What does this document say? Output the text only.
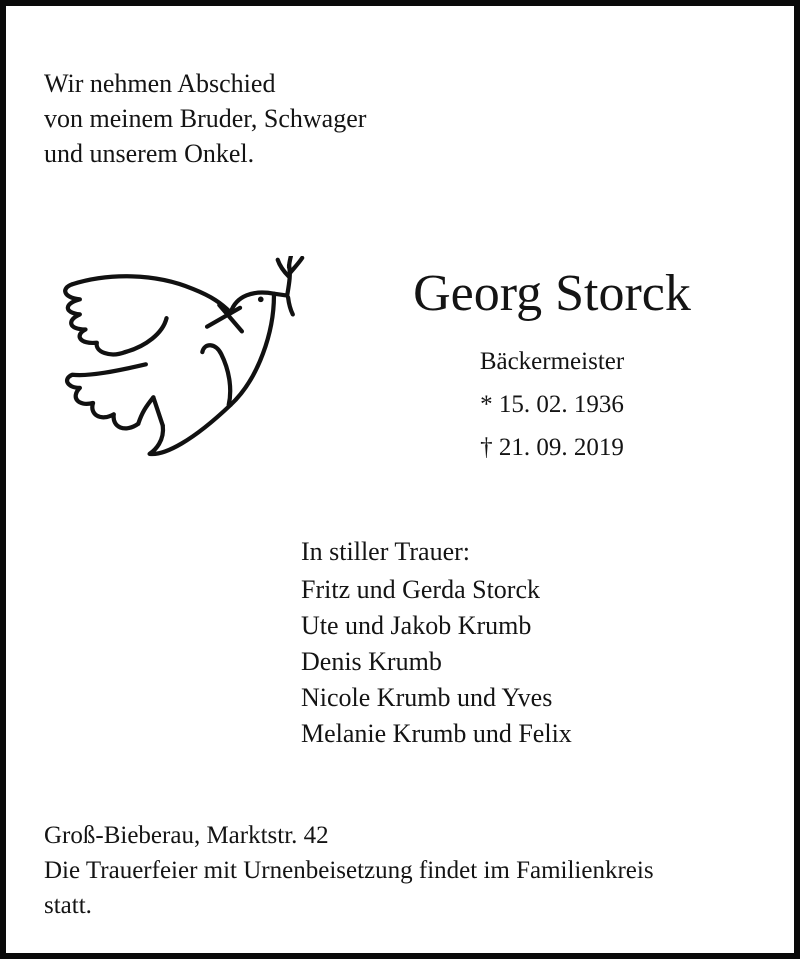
Wir nehmen Abschied
von meinem Bruder, Schwager
und unserem Onkel.
Georg Storck
Bäckermeister
* 15. 02. 1936
† 21. 09. 2019
In stiller Trauer:
Fritz und Gerda Storck
Ute und Jakob Krumb
Denis Krumb
Nicole Krumb und Yves
Melanie Krumb und Felix
Groß-Bieberau, Marktstr. 42
Die Trauerfeier mit Urnenbeisetzung findet im Familienkreis
statt.
